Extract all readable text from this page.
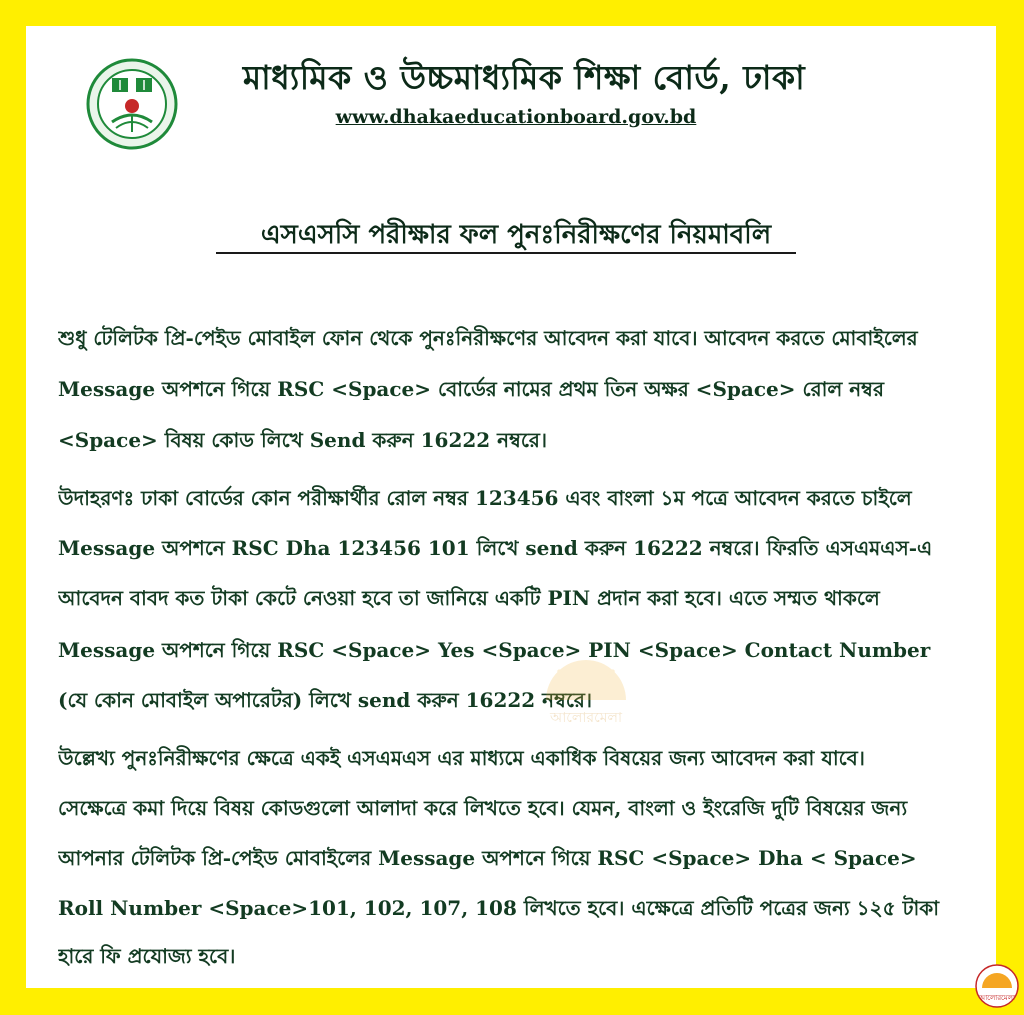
মাধ্যমিক ও উচ্চমাধ্যমিক শিক্ষা বোর্ড, ঢাকা
www.dhakaeducationboard.gov.bd
এসএসসি পরীক্ষার ফল পুনঃনিরীক্ষণের নিয়মাবলি
শুধু টেলিটক প্রি-পেইড মোবাইল ফোন থেকে পুনঃনিরীক্ষণের আবেদন করা যাবে। আবেদন করতে মোবাইলের
Message অপশনে গিয়ে RSC <Space> বোর্ডের নামের প্রথম তিন অক্ষর <Space> রোল নম্বর
<Space> বিষয় কোড লিখে Send করুন 16222 নম্বরে।
উদাহরণঃ ঢাকা বোর্ডের কোন পরীক্ষার্থীর রোল নম্বর 123456 এবং বাংলা ১ম পত্রে আবেদন করতে চাইলে
Message অপশনে RSC Dha 123456 101 লিখে send করুন 16222 নম্বরে। ফিরতি এসএমএস-এ
আবেদন বাবদ কত টাকা কেটে নেওয়া হবে তা জানিয়ে একটি PIN প্রদান করা হবে। এতে সম্মত থাকলে
Message অপশনে গিয়ে RSC <Space> Yes <Space> PIN <Space> Contact Number
(যে কোন মোবাইল অপারেটর) লিখে send করুন 16222 নম্বরে।
উল্লেখ্য পুনঃনিরীক্ষণের ক্ষেত্রে একই এসএমএস এর মাধ্যমে একাধিক বিষয়ের জন্য আবেদন করা যাবে।
সেক্ষেত্রে কমা দিয়ে বিষয় কোডগুলো আলাদা করে লিখতে হবে। যেমন, বাংলা ও ইংরেজি দুটি বিষয়ের জন্য
আপনার টেলিটক প্রি-পেইড মোবাইলের Message অপশনে গিয়ে RSC <Space> Dha < Space>
Roll Number <Space>101, 102, 107, 108 লিখতে হবে। এক্ষেত্রে প্রতিটি পত্রের জন্য ১২৫ টাকা
হারে ফি প্রযোজ্য হবে।
আলোরমেলা
আলোরমেলা
